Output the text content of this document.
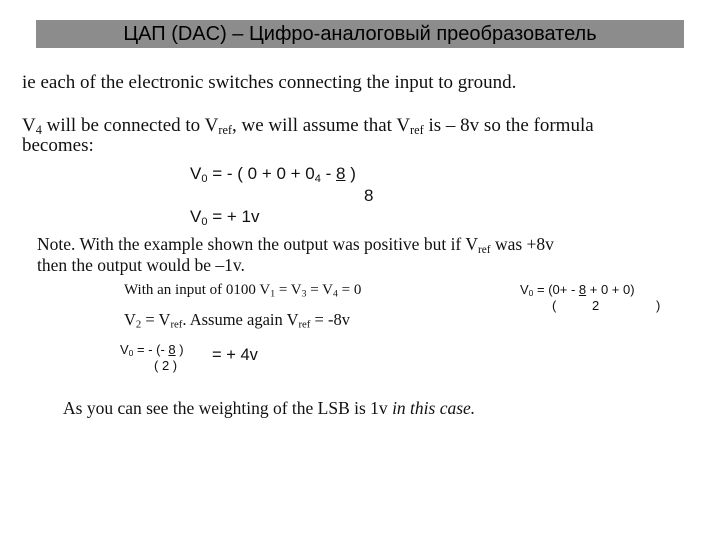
ЦАП (DAC) – Цифро-аналоговый преобразователь

ie each of the electronic switches connecting the input to ground.

$V_4$ will be connected to $V_{ref}$, we will assume that $V_{ref}$ is – 8v so the formula

becomes:

$V_0$ = - ( $0 + 0 + 0_4 - 8$ )

8

$V_0$ = + 1v

Note. With the example shown the output was positive but if $V_{ref}$ was +8v

then the output would be –1v.

With an input of 0100 $V_1 = V_3 = V_4 = 0$	$V_0 = (0+ - 8 + 0 + 0)$

(	2	)

$V_2 = V_{ref}$. Assume again $V_{ref} = -8v$

$V_0$ = - (- 8 )

( 2 )

= + 4v

As you can see the weighting of the LSB is 1v in this case.
